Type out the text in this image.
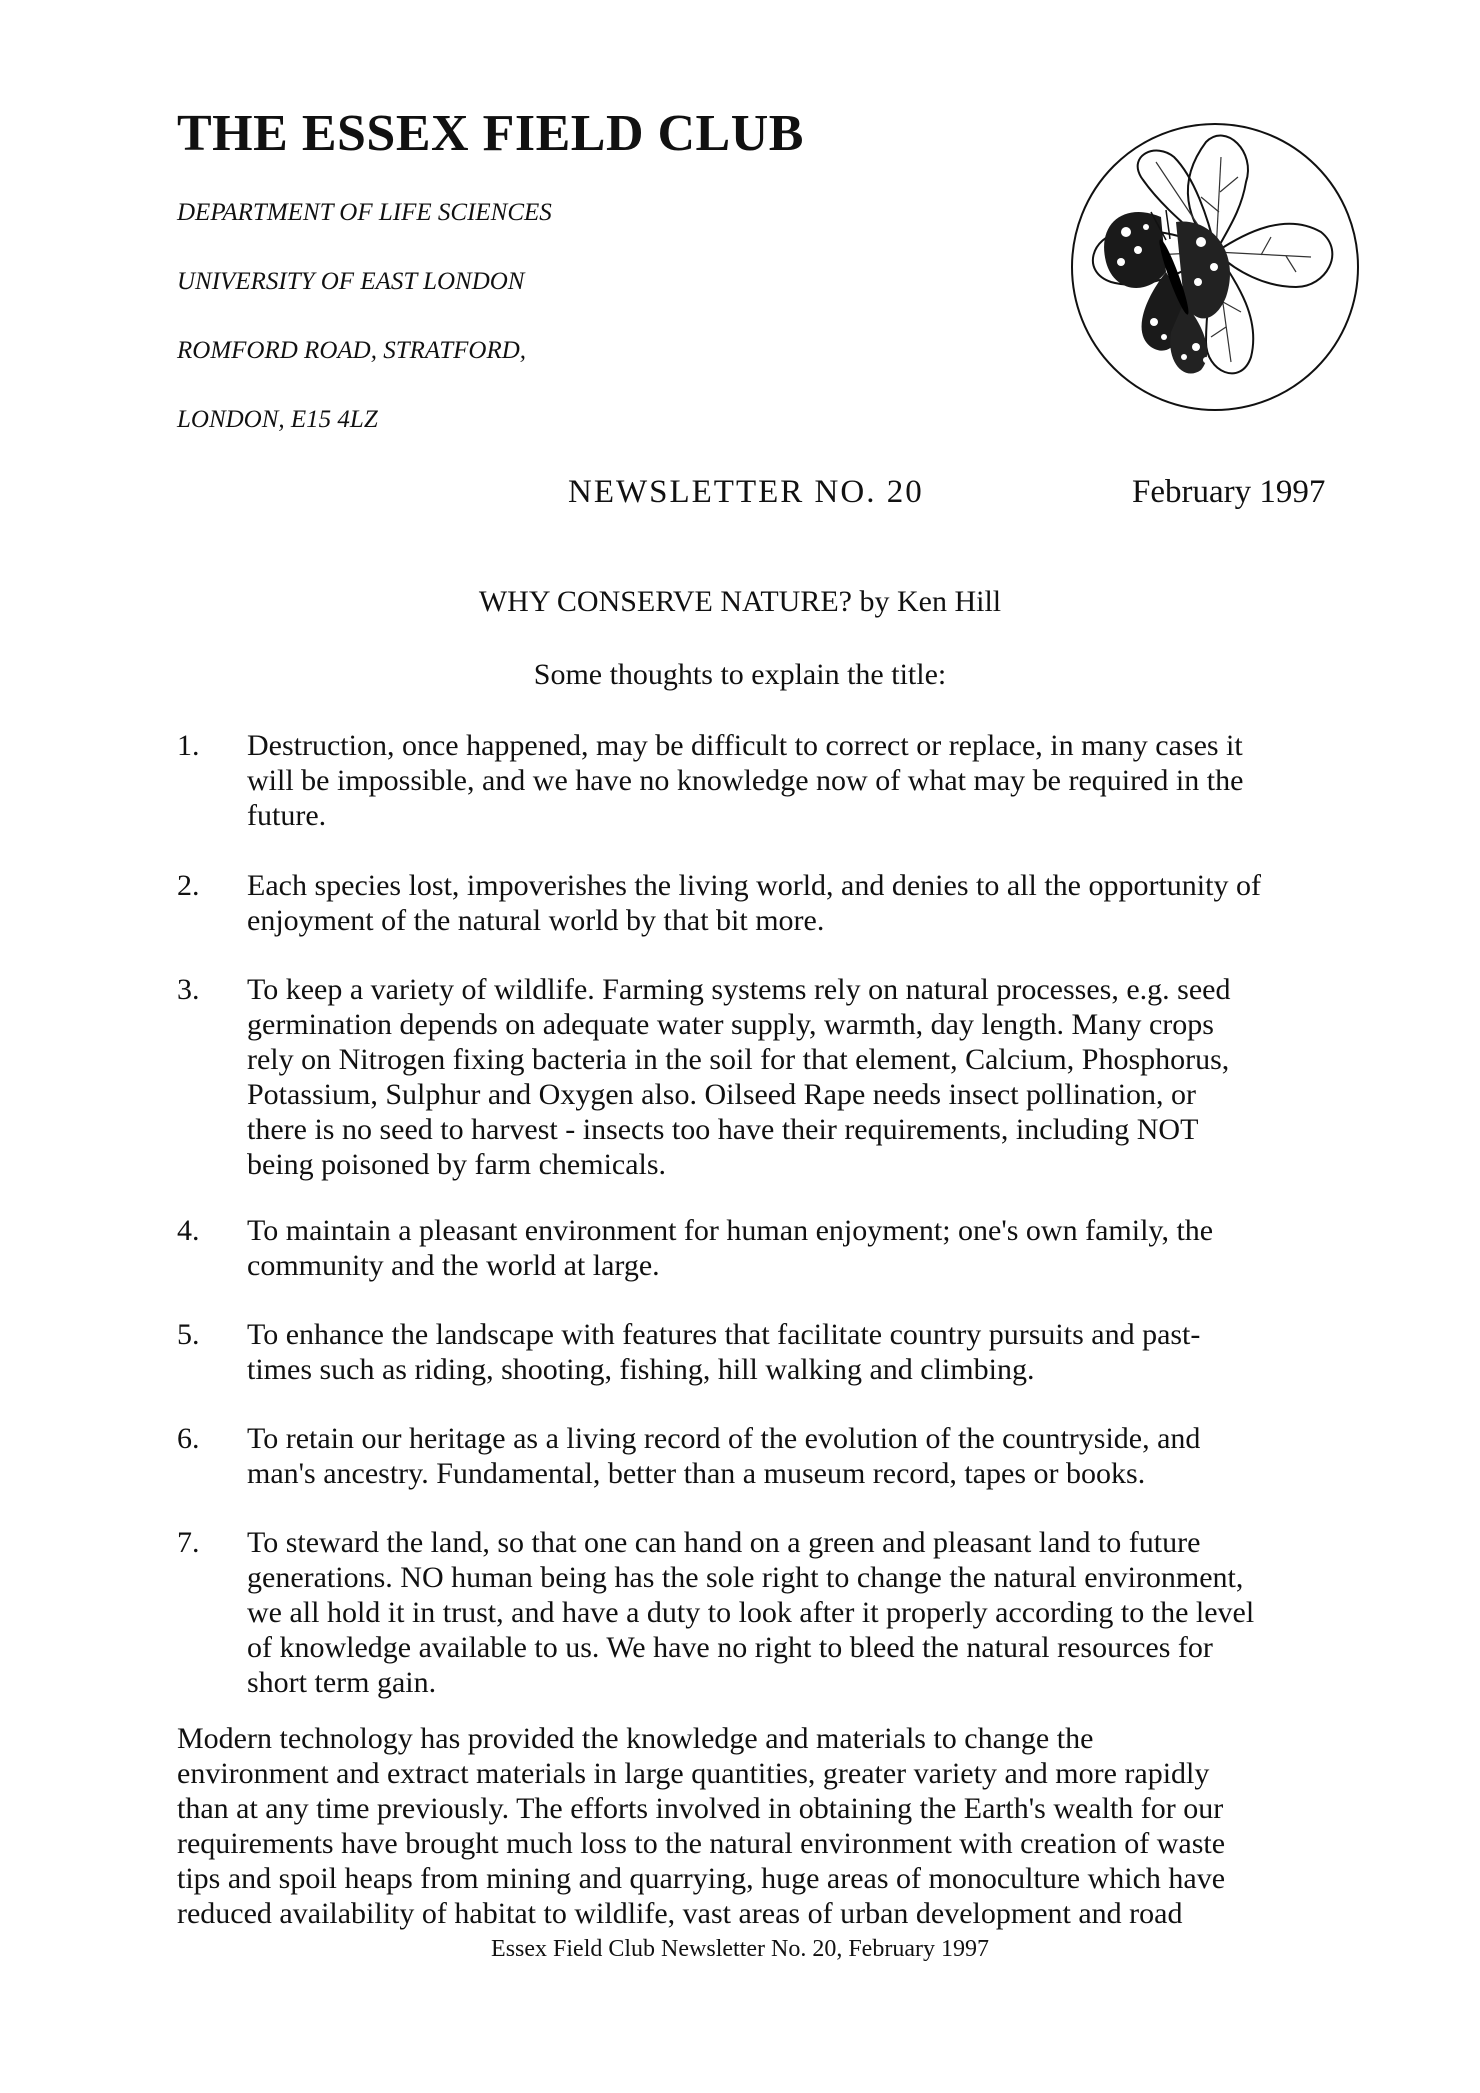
THE ESSEX FIELD CLUB
DEPARTMENT OF LIFE SCIENCES
UNIVERSITY OF EAST LONDON
ROMFORD ROAD, STRATFORD,
LONDON, E15 4LZ
NEWSLETTER NO. 20	February 1997
WHY CONSERVE NATURE? by Ken Hill
Some thoughts to explain the title:
1.	Destruction, once happened, may be difficult to correct or replace, in many cases it
will be impossible, and we have no knowledge now of what may be required in the
future.
2.	Each species lost, impoverishes the living world, and denies to all the opportunity of
enjoyment of the natural world by that bit more.
3.	To keep a variety of wildlife. Farming systems rely on natural processes, e.g. seed
germination depends on adequate water supply, warmth, day length. Many crops
rely on Nitrogen fixing bacteria in the soil for that element, Calcium, Phosphorus,
Potassium, Sulphur and Oxygen also. Oilseed Rape needs insect pollination, or
there is no seed to harvest - insects too have their requirements, including NOT
being poisoned by farm chemicals.
4.	To maintain a pleasant environment for human enjoyment; one's own family, the
community and the world at large.
5.	To enhance the landscape with features that facilitate country pursuits and past-
times such as riding, shooting, fishing, hill walking and climbing.
6.	To retain our heritage as a living record of the evolution of the countryside, and
man's ancestry. Fundamental, better than a museum record, tapes or books.
7.	To steward the land, so that one can hand on a green and pleasant land to future
generations. NO human being has the sole right to change the natural environment,
we all hold it in trust, and have a duty to look after it properly according to the level
of knowledge available to us. We have no right to bleed the natural resources for
short term gain.
Modern technology has provided the knowledge and materials to change the
environment and extract materials in large quantities, greater variety and more rapidly
than at any time previously. The efforts involved in obtaining the Earth's wealth for our
requirements have brought much loss to the natural environment with creation of waste
tips and spoil heaps from mining and quarrying, huge areas of monoculture which have
reduced availability of habitat to wildlife, vast areas of urban development and road
Essex Field Club Newsletter No. 20, February 1997
